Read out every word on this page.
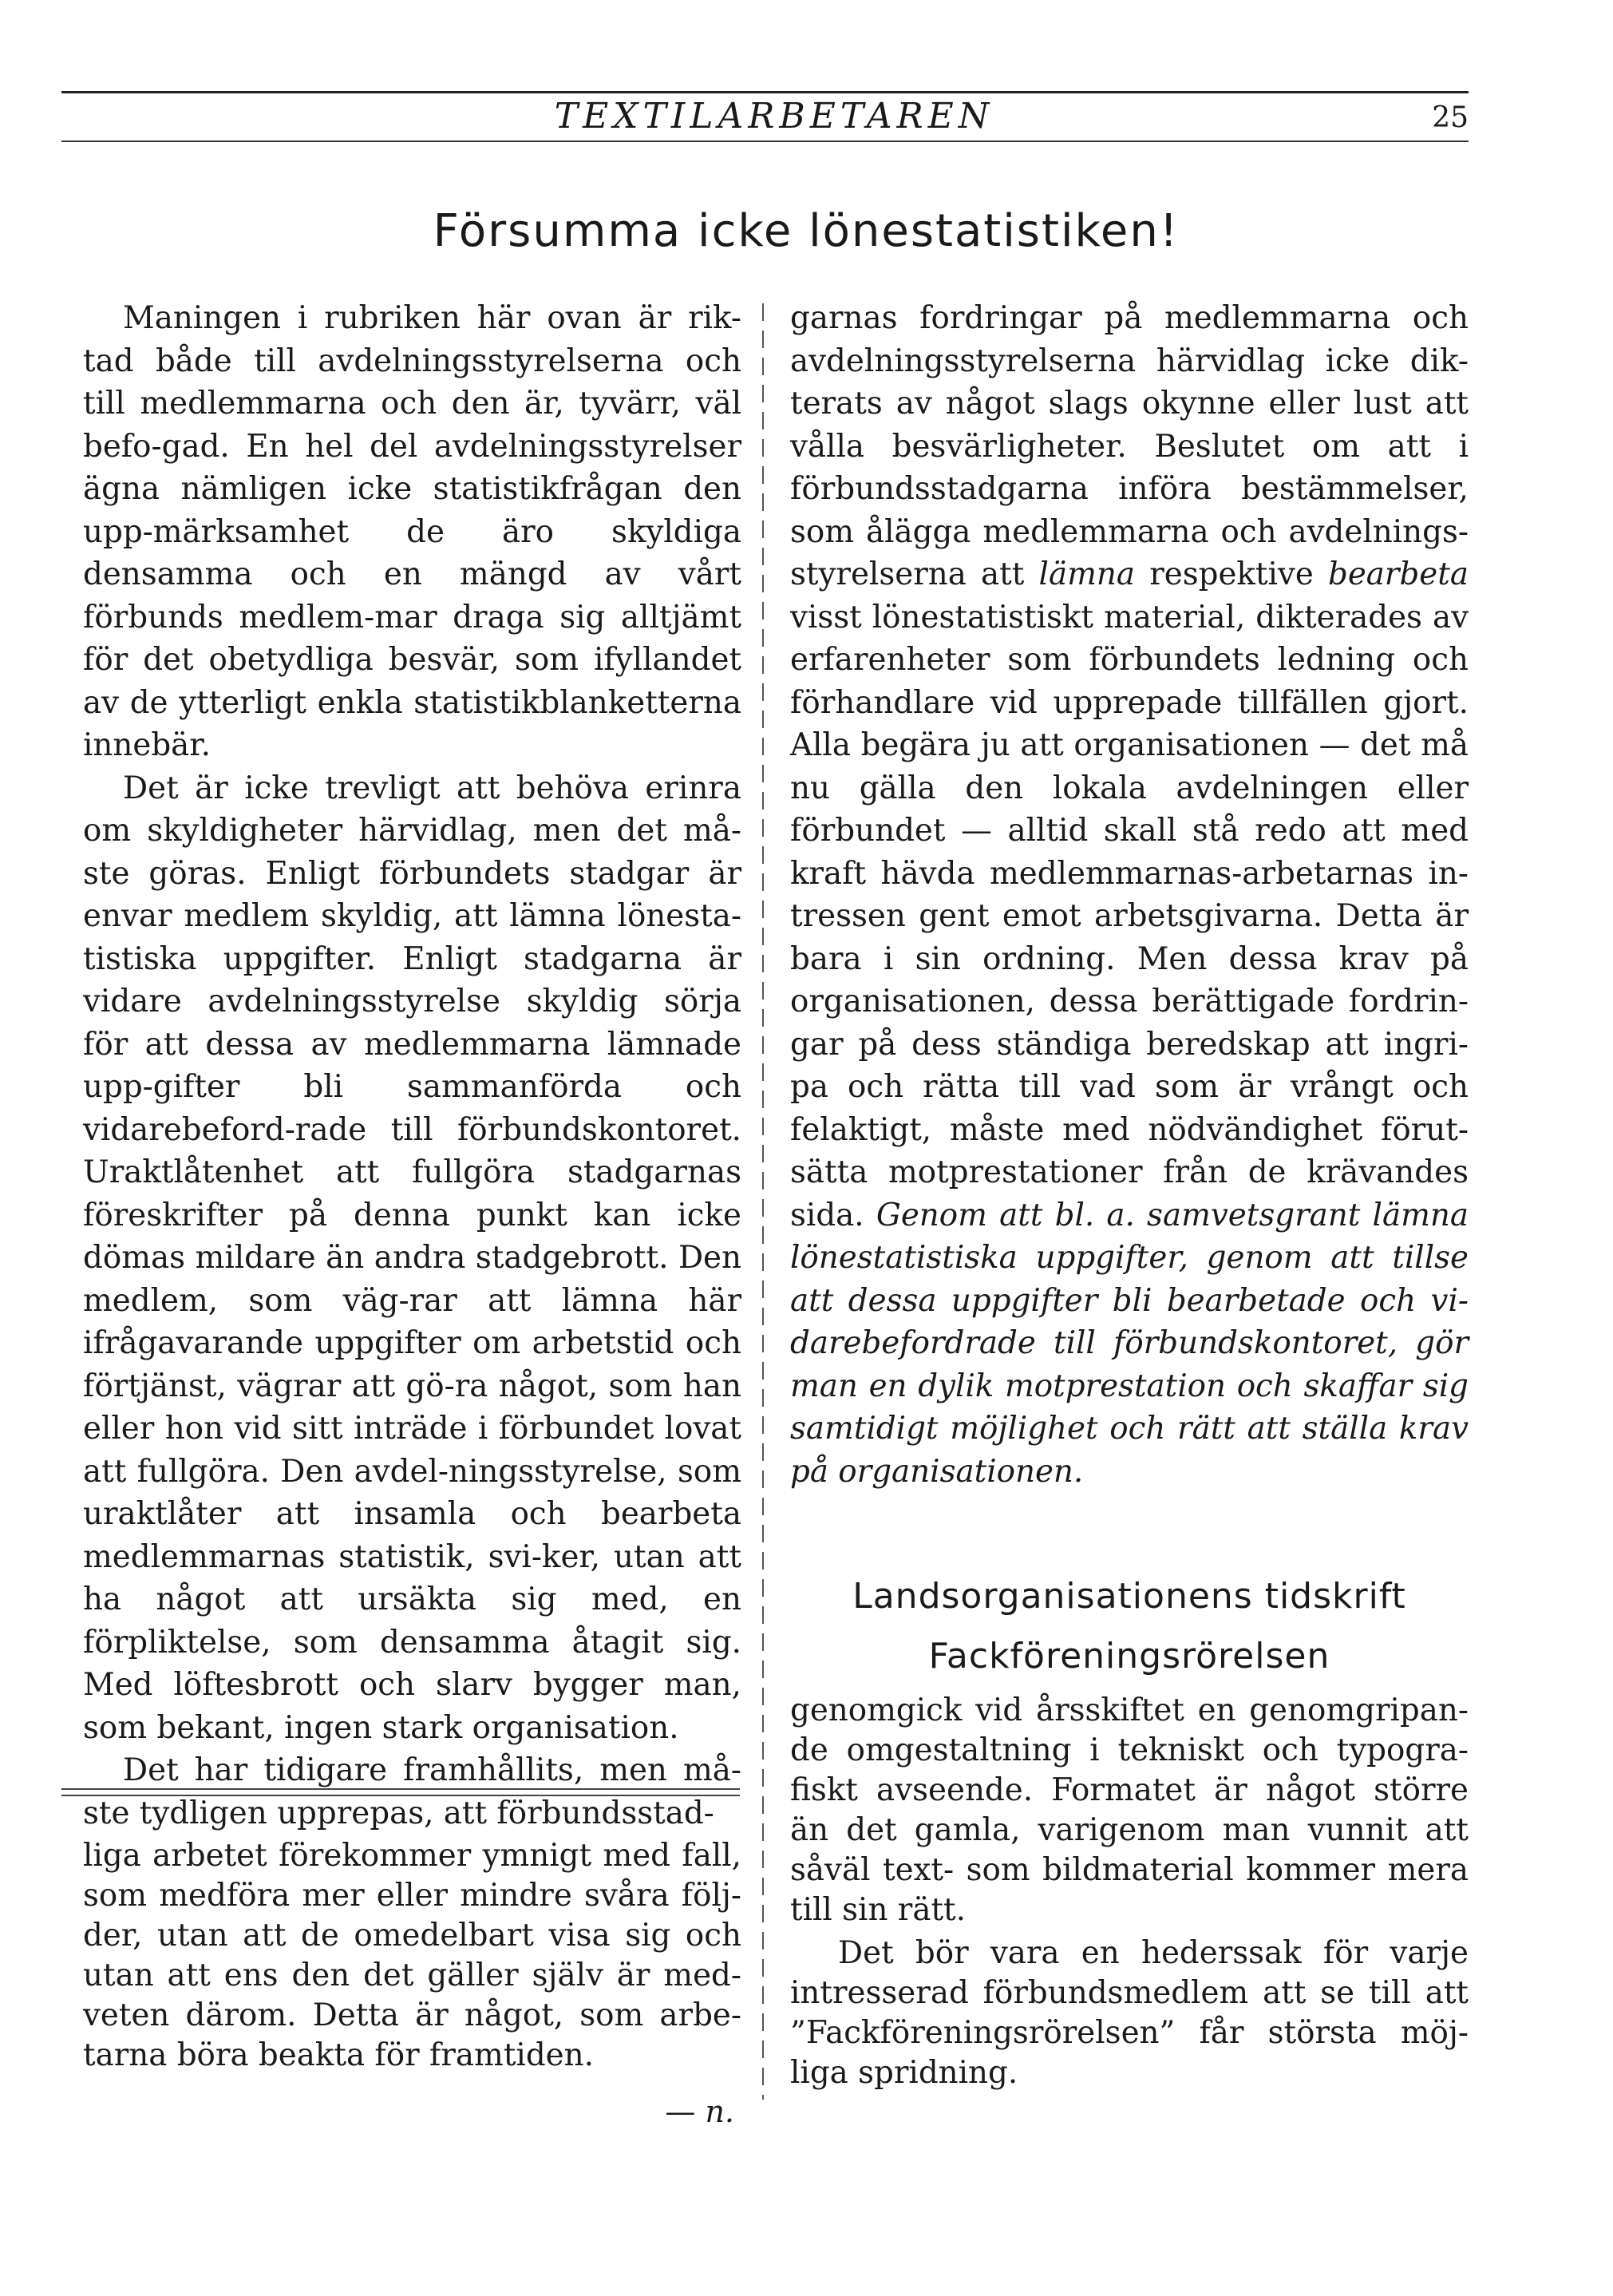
TEXTILARBETAREN	25
Försumma icke lönestatistiken!

Maningen i rubriken här ovan är rik-tad både till avdelningsstyrelserna och till medlemmarna och den är, tyvärr, väl befo-gad. En hel del avdelningsstyrelser ägna nämligen icke statistikfrågan den upp-märksamhet de äro skyldiga densamma och en mängd av vårt förbunds medlem-mar draga sig alltjämt för det obetydliga besvär, som ifyllandet av de ytterligt enkla statistikblanketterna innebär.

Det är icke trevligt att behöva erinra om skyldigheter härvidlag, men det må-ste göras. Enligt förbundets stadgar är envar medlem skyldig, att lämna lönesta-tistiska uppgifter. Enligt stadgarna är vidare avdelningsstyrelse skyldig sörja för att dessa av medlemmarna lämnade upp-gifter bli sammanförda och vidarebeford-rade till förbundskontoret. Uraktlåtenhet att fullgöra stadgarnas föreskrifter på denna punkt kan icke dömas mildare än andra stadgebrott. Den medlem, som väg-rar att lämna här ifrågavarande uppgifter om arbetstid och förtjänst, vägrar att gö-ra något, som han eller hon vid sitt inträde i förbundet lovat att fullgöra. Den avdel-ningsstyrelse, som uraktlåter att insamla och bearbeta medlemmarnas statistik, svi-ker, utan att ha något att ursäkta sig med, en förpliktelse, som densamma åtagit sig. Med löftesbrott och slarv bygger man, som bekant, ingen stark organisation.

Det har tidigare framhållits, men må-ste tydligen upprepas, att förbundsstad-

garnas fordringar på medlemmarna och avdelningsstyrelserna härvidlag icke dik-terats av något slags okynne eller lust att vålla besvärligheter. Beslutet om att i förbundsstadgarna införa bestämmelser, som ålägga medlemmarna och avdelnings-styrelserna att lämna respektive bearbeta visst lönestatistiskt material, dikterades av erfarenheter som förbundets ledning och förhandlare vid upprepade tillfällen gjort. Alla begära ju att organisationen — det må nu gälla den lokala avdelningen eller förbundet — alltid skall stå redo att med kraft hävda medlemmarnas-arbetarnas in-tressen gent emot arbetsgivarna. Detta är bara i sin ordning. Men dessa krav på organisationen, dessa berättigade fordrin-gar på dess ständiga beredskap att ingri-pa och rätta till vad som är vrångt och felaktigt, måste med nödvändighet förut-sätta motprestationer från de krävandes sida. Genom att bl. a. samvetsgrant lämna lönestatistiska uppgifter, genom att tillse att dessa uppgifter bli bearbetade och vi-darebefordrade till förbundskontoret, gör man en dylik motprestation och skaffar sig samtidigt möjlighet och rätt att ställa krav på organisationen.

liga arbetet förekommer ymnigt med fall, som medföra mer eller mindre svåra följ-der, utan att de omedelbart visa sig och utan att ens den det gäller själv är med-veten därom. Detta är något, som arbe-tarna böra beakta för framtiden.
— n.
Landsorganisationens tidskrift
Fackföreningsrörelsen

genomgick vid årsskiftet en genomgripan-de omgestaltning i tekniskt och typogra-fiskt avseende. Formatet är något större än det gamla, varigenom man vunnit att såväl text- som bildmaterial kommer mera till sin rätt.

Det bör vara en hederssak för varje intresserad förbundsmedlem att se till att ”Fackföreningsrörelsen” får största möj-liga spridning.
